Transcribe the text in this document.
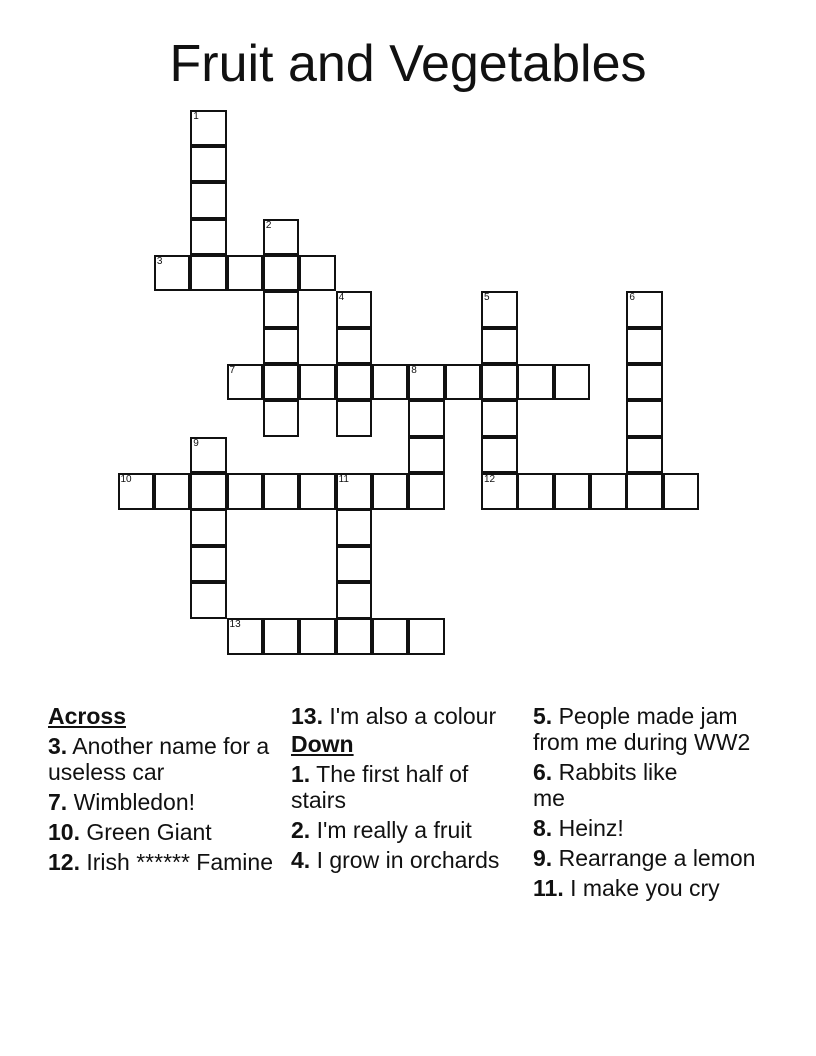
Fruit and Vegetables
1
2
3
4	5	6
7	8
9
10	11	12
13
Across
3. Another name for a useless car
7. Wimbledon!
10. Green Giant
12. Irish ****** Famine
13. I'm also a colour
Down
1. The first half of stairs
2. I'm really a fruit
4. I grow in orchards
5. People made jam from me during WW2
6. Rabbits like me
8. Heinz!
9. Rearrange a lemon
11. I make you cry
